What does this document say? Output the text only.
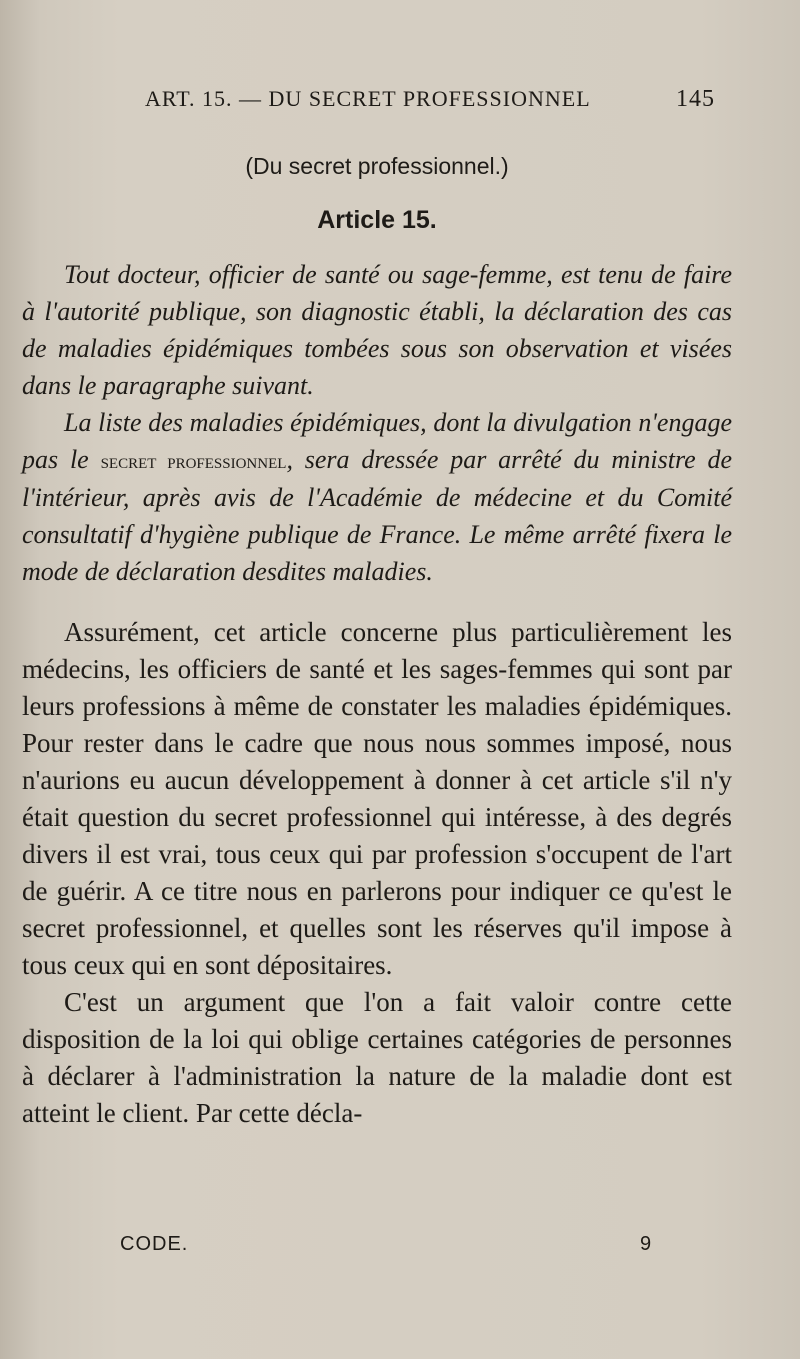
ART. 15. — DU SECRET PROFESSIONNEL	145
(Du secret professionnel.)
Article 15.

Tout docteur, officier de santé ou sage-femme, est tenu de faire à l'autorité publique, son diagnostic établi, la déclaration des cas de maladies épidémiques tombées sous son observation et visées dans le paragraphe suivant.

La liste des maladies épidémiques, dont la divulgation n'engage pas le secret professionnel, sera dressée par arrêté du ministre de l'intérieur, après avis de l'Académie de médecine et du Comité consultatif d'hygiène publique de France. Le même arrêté fixera le mode de déclaration desdites maladies.

Assurément, cet article concerne plus particulièrement les médecins, les officiers de santé et les sages-femmes qui sont par leurs professions à même de constater les maladies épidémiques. Pour rester dans le cadre que nous nous sommes imposé, nous n'aurions eu aucun développement à donner à cet article s'il n'y était question du secret professionnel qui intéresse, à des degrés divers il est vrai, tous ceux qui par profession s'occupent de l'art de guérir. A ce titre nous en parlerons pour indiquer ce qu'est le secret professionnel, et quelles sont les réserves qu'il impose à tous ceux qui en sont dépositaires.

C'est un argument que l'on a fait valoir contre cette disposition de la loi qui oblige certaines catégories de personnes à déclarer à l'administration la nature de la maladie dont est atteint le client. Par cette décla-

CODE.	9
